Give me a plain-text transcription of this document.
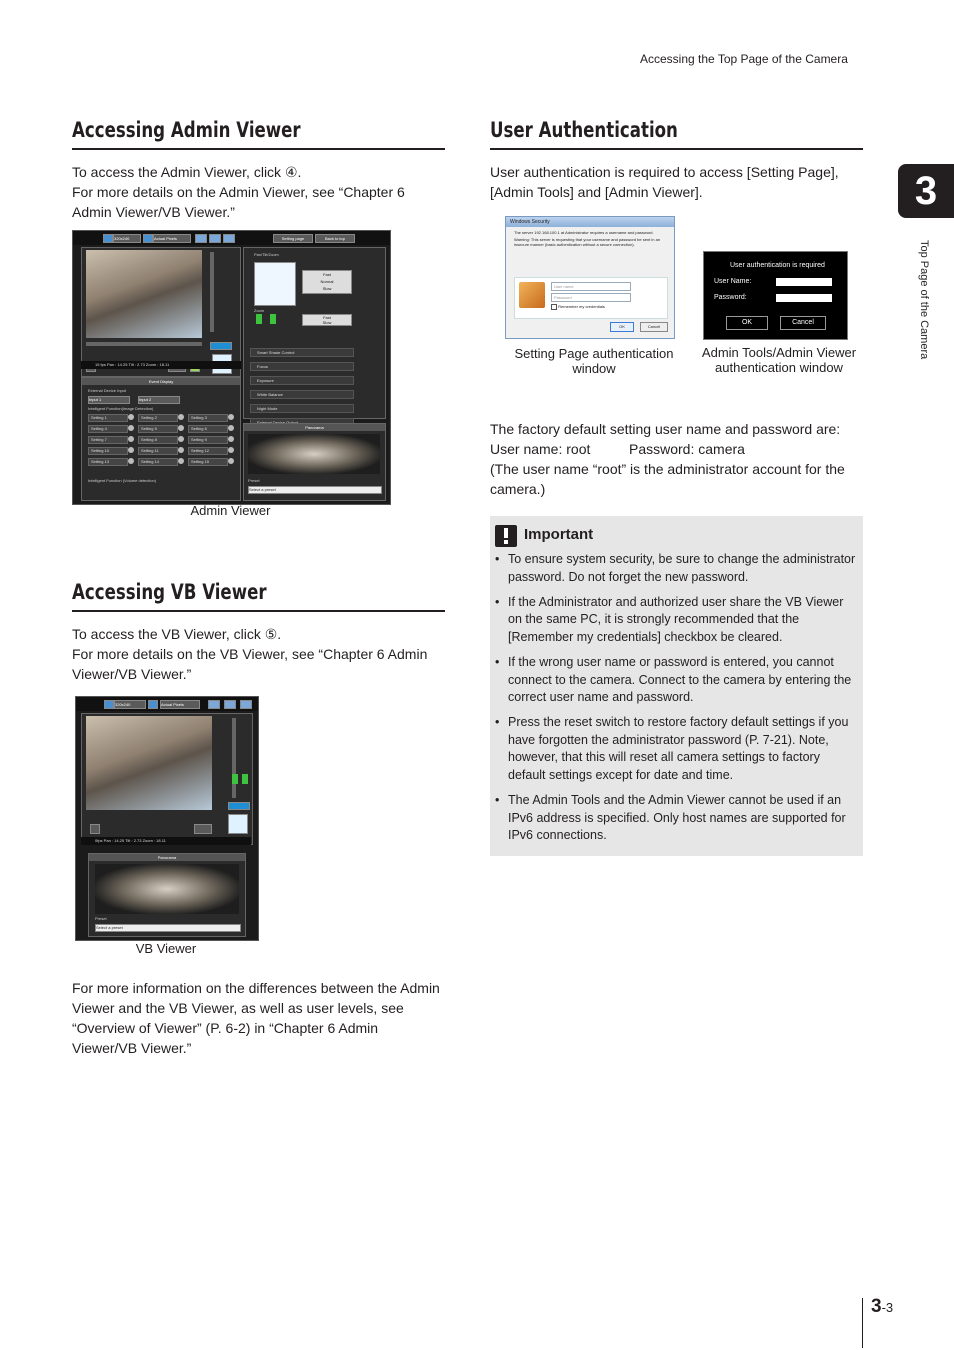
Accessing the Top Page of the Camera
3
Top Page of the Camera
Accessing Admin Viewer
To access the Admin Viewer, click ④.
For more details on the Admin Viewer, see “Chapter 6 Admin Viewer/VB Viewer.”
320x240	Actual Pixels	Setting page	Back to top
15 fps Pan : 14.25 Tilt : 2.73 Zoom : 18.11
Pan/Tilt/Zoom
Fast
Normal
Slow
Zoom
Fast
Slow
Smart Shade Control
Focus
Exposure
White Balance
Night Mode
Event Display
External Device Input
Input 1	Input 2
Intelligent Function(Image Detection)
Setting 1	Setting 2	Setting 3
Setting 4	Setting 5	Setting 6
Setting 7	Setting 8	Setting 9
Setting 10	Setting 11	Setting 12
Setting 13	Setting 14	Setting 15
Intelligent Function (Volume detection)
Panorama
Preset
Select a preset
Admin Viewer
Accessing VB Viewer
To access the VB Viewer, click ⑤.
For more details on the VB Viewer, see “Chapter 6 Admin Viewer/VB Viewer.”
320x240	Actual Pixels
0fps Pan : 14.25 Tilt : 2.73 Zoom : 18.11
Panorama
Preset
Select a preset
VB Viewer
For more information on the differences between the Admin Viewer and the VB Viewer, as well as user levels, see “Overview of Viewer” (P. 6-2) in “Chapter 6 Admin Viewer/VB Viewer.”
User Authentication
User authentication is required to access [Setting Page], [Admin Tools] and [Admin Viewer].
Windows Security
The server 192.168.100.1 at Administrator requires a username and password.
Warning: This server is requesting that your username and password be sent in an insecure manner (basic authentication without a secure connection).
User name
Password
Remember my credentials
OK	Cancel
Setting Page authentication window
User authentication is required
User Name:
Password:
OK	Cancel
Admin Tools/Admin Viewer authentication window
The factory default setting user name and password are:
User name: root	Password: camera
(The user name “root” is the administrator account for the camera.)
Important
• To ensure system security, be sure to change the administrator password. Do not forget the new password.
• If the Administrator and authorized user share the VB Viewer on the same PC, it is strongly recommended that the [Remember my credentials] checkbox be cleared.
• If the wrong user name or password is entered, you cannot connect to the camera. Connect to the camera by entering the correct user name and password.
• Press the reset switch to restore factory default settings if you have forgotten the administrator password (P. 7-21). Note, however, that this will reset all camera settings to factory default settings except for date and time.
• The Admin Tools and the Admin Viewer cannot be used if an IPv6 address is specified. Only host names are supported for IPv6 connections.
3-3
